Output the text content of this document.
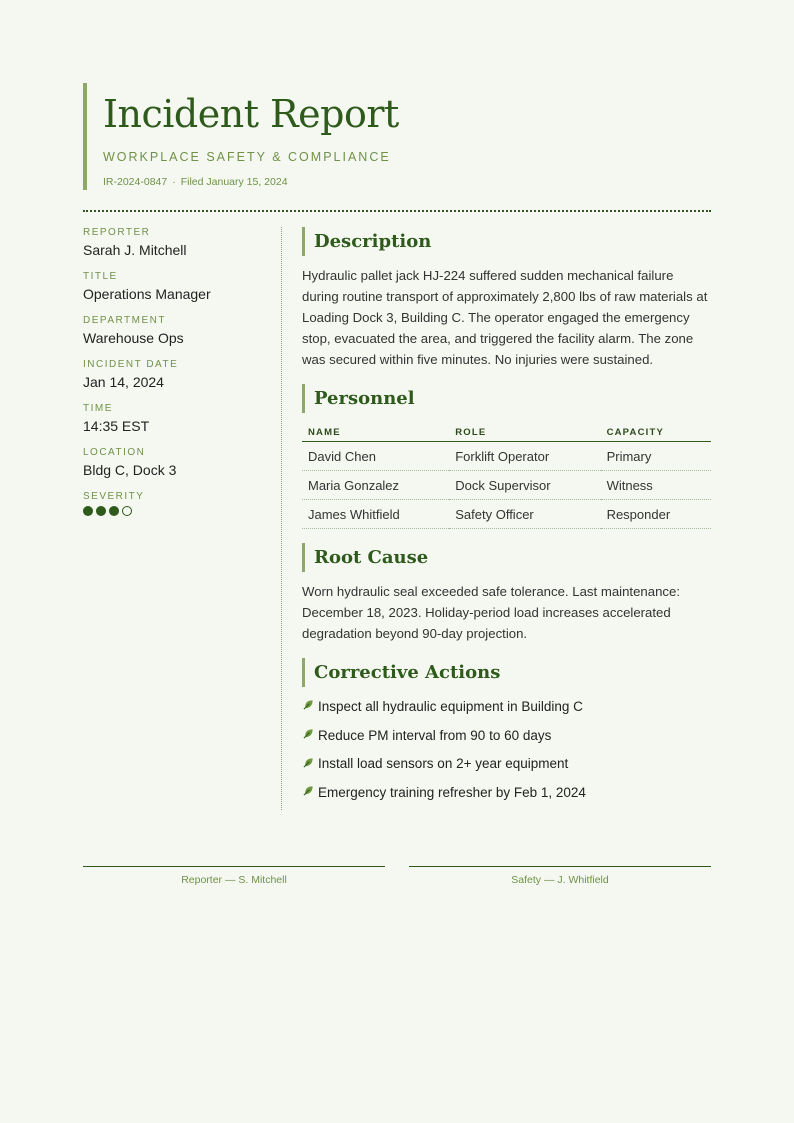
Incident Report
WORKPLACE SAFETY & COMPLIANCE
IR-2024-0847 · Filed January 15, 2024
REPORTER
Sarah J. Mitchell
TITLE
Operations Manager
DEPARTMENT
Warehouse Ops
INCIDENT DATE
Jan 14, 2024
TIME
14:35 EST
LOCATION
Bldg C, Dock 3
SEVERITY
Description

Hydraulic pallet jack HJ-224 suffered sudden mechanical failure during routine transport of approximately 2,800 lbs of raw materials at Loading Dock 3, Building C. The operator engaged the emergency stop, evacuated the area, and triggered the facility alarm. The zone was secured within five minutes. No injuries were sustained.

Personnel
NAME	ROLE	CAPACITY
David Chen	Forklift Operator	Primary
Maria Gonzalez	Dock Supervisor	Witness
James Whitfield	Safety Officer	Responder
Root Cause

Worn hydraulic seal exceeded safe tolerance. Last maintenance: December 18, 2023. Holiday-period load increases accelerated degradation beyond 90-day projection.

Corrective Actions
Inspect all hydraulic equipment in Building C
Reduce PM interval from 90 to 60 days
Install load sensors on 2+ year equipment
Emergency training refresher by Feb 1, 2024
Reporter — S. Mitchell	Safety — J. Whitfield
